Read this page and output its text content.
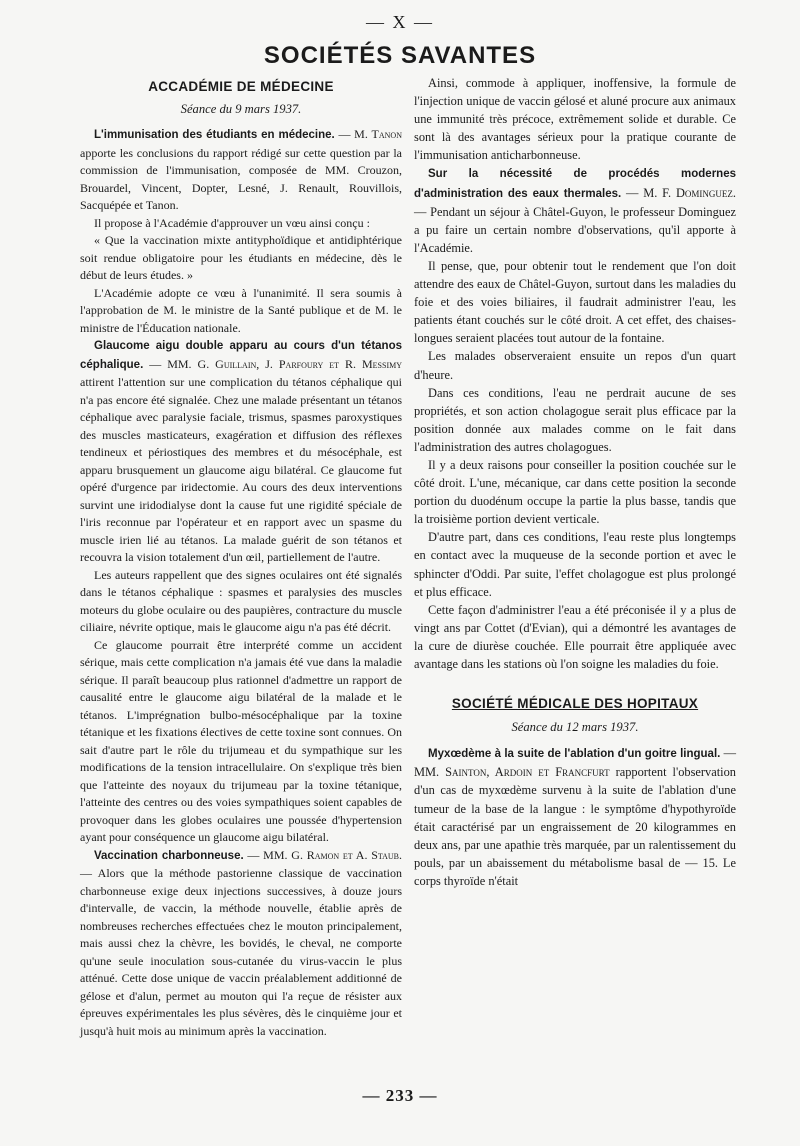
— X —
SOCIÉTÉS SAVANTES
ACCADÉMIE DE MÉDECINE
Séance du 9 mars 1937.

L'immunisation des étudiants en médecine. — M. Tanon apporte les conclusions du rapport rédigé sur cette question par la commission de l'immunisation, composée de MM. Crouzon, Brouardel, Vincent, Dopter, Lesné, J. Renault, Rouvillois, Sacquépée et Tanon.

Il propose à l'Académie d'approuver un vœu ainsi conçu :

« Que la vaccination mixte antityphoïdique et antidiphtérique soit rendue obligatoire pour les étudiants en médecine, dès le début de leurs études. »

L'Académie adopte ce vœu à l'unanimité. Il sera soumis à l'approbation de M. le ministre de la Santé publique et de M. le ministre de l'Éducation nationale.

Glaucome aigu double apparu au cours d'un tétanos céphalique. — MM. G. Guillain, J. Parfoury et R. Messimy attirent l'attention sur une complication du tétanos céphalique qui n'a pas encore été signalée. Chez une malade présentant un tétanos céphalique avec paralysie faciale, trismus, spasmes paroxystiques des muscles masticateurs, exagération et diffusion des réflexes tendineux et périostiques des membres et du mésocéphale, est apparu brusquement un glaucome aigu bilatéral. Ce glaucome fut opéré d'urgence par iridectomie. Au cours des deux interventions survint une iridodialyse dont la cause fut une rigidité spéciale de l'iris reconnue par l'opérateur et en rapport avec un spasme du muscle irien lié au tétanos. La malade guérit de son tétanos et recouvra la vision totalement d'un œil, partiellement de l'autre.

Les auteurs rappellent que des signes oculaires ont été signalés dans le tétanos céphalique : spasmes et paralysies des muscles moteurs du globe oculaire ou des paupières, contracture du muscle ciliaire, névrite optique, mais le glaucome aigu n'a pas été décrit.

Ce glaucome pourrait être interprété comme un accident sérique, mais cette complication n'a jamais été vue dans la maladie sérique. Il paraît beaucoup plus rationnel d'admettre un rapport de causalité entre le glaucome aigu bilatéral de la malade et le tétanos. L'imprégnation bulbo-mésocéphalique par la toxine tétanique et les fixations électives de cette toxine sont connues. On sait d'autre part le rôle du trijumeau et du sympathique sur les modifications de la tension intracellulaire. On s'explique très bien que l'atteinte des noyaux du trijumeau par la toxine tétanique, l'atteinte des centres ou des voies sympathiques soient capables de provoquer dans les globes oculaires une poussée d'hypertension ayant pour conséquence un glaucome aigu bilatéral.

Vaccination charbonneuse. — MM. G. Ramon et A. Staub. — Alors que la méthode pastorienne classique de vaccination charbonneuse exige deux injections successives, à douze jours d'intervalle, de vaccin, la méthode nouvelle, établie après de nombreuses recherches effectuées chez le mouton principalement, mais aussi chez la chèvre, les bovidés, le cheval, ne comporte qu'une seule inoculation sous-cutanée du virus-vaccin le plus atténué. Cette dose unique de vaccin préalablement additionné de gélose et d'alun, permet au mouton qui l'a reçue de résister aux épreuves expérimentales les plus sévères, dès le cinquième jour et jusqu'à huit mois au minimum après la vaccination.

Ainsi, commode à appliquer, inoffensive, la formule de l'injection unique de vaccin gélosé et aluné procure aux animaux une immunité très précoce, extrêmement solide et durable. Ce sont là des avantages sérieux pour la pratique courante de l'immunisation anticharbonneuse.

Sur la nécessité de procédés modernes d'administration des eaux thermales. — M. F. Dominguez. — Pendant un séjour à Châtel-Guyon, le professeur Dominguez a pu faire un certain nombre d'observations, qu'il apporte à l'Académie.

Il pense, que, pour obtenir tout le rendement que l'on doit attendre des eaux de Châtel-Guyon, surtout dans les maladies du foie et des voies biliaires, il faudrait administrer l'eau, les patients étant couchés sur le côté droit. A cet effet, des chaises-longues seraient placées tout autour de la fontaine.

Les malades observeraient ensuite un repos d'un quart d'heure.

Dans ces conditions, l'eau ne perdrait aucune de ses propriétés, et son action cholagogue serait plus efficace par la position donnée aux malades comme on le fait dans l'administration des autres cholagogues.

Il y a deux raisons pour conseiller la position couchée sur le côté droit. L'une, mécanique, car dans cette position la seconde portion du duodénum occupe la partie la plus basse, tandis que la troisième portion devient verticale.

D'autre part, dans ces conditions, l'eau reste plus longtemps en contact avec la muqueuse de la seconde portion et avec le sphincter d'Oddi. Par suite, l'effet cholagogue est plus prolongé et plus efficace.

Cette façon d'administrer l'eau a été préconisée il y a plus de vingt ans par Cottet (d'Evian), qui a démontré les avantages de la cure de diurèse couchée. Elle pourrait être appliquée avec avantage dans les stations où l'on soigne les maladies du foie.

SOCIÉTÉ MÉDICALE DES HOPITAUX
Séance du 12 mars 1937.

Myxœdème à la suite de l'ablation d'un goitre lingual. — MM. Sainton, Ardoin et Francfurt rapportent l'observation d'un cas de myxœdème survenu à la suite de l'ablation d'une tumeur de la base de la langue : le symptôme d'hypothyroïde était caractérisé par un engraissement de 20 kilogrammes en deux ans, par une apathie très marquée, par un ralentissement du pouls, par un abaissement du métabolisme basal de — 15. Le corps thyroïde n'était

— 233 —
